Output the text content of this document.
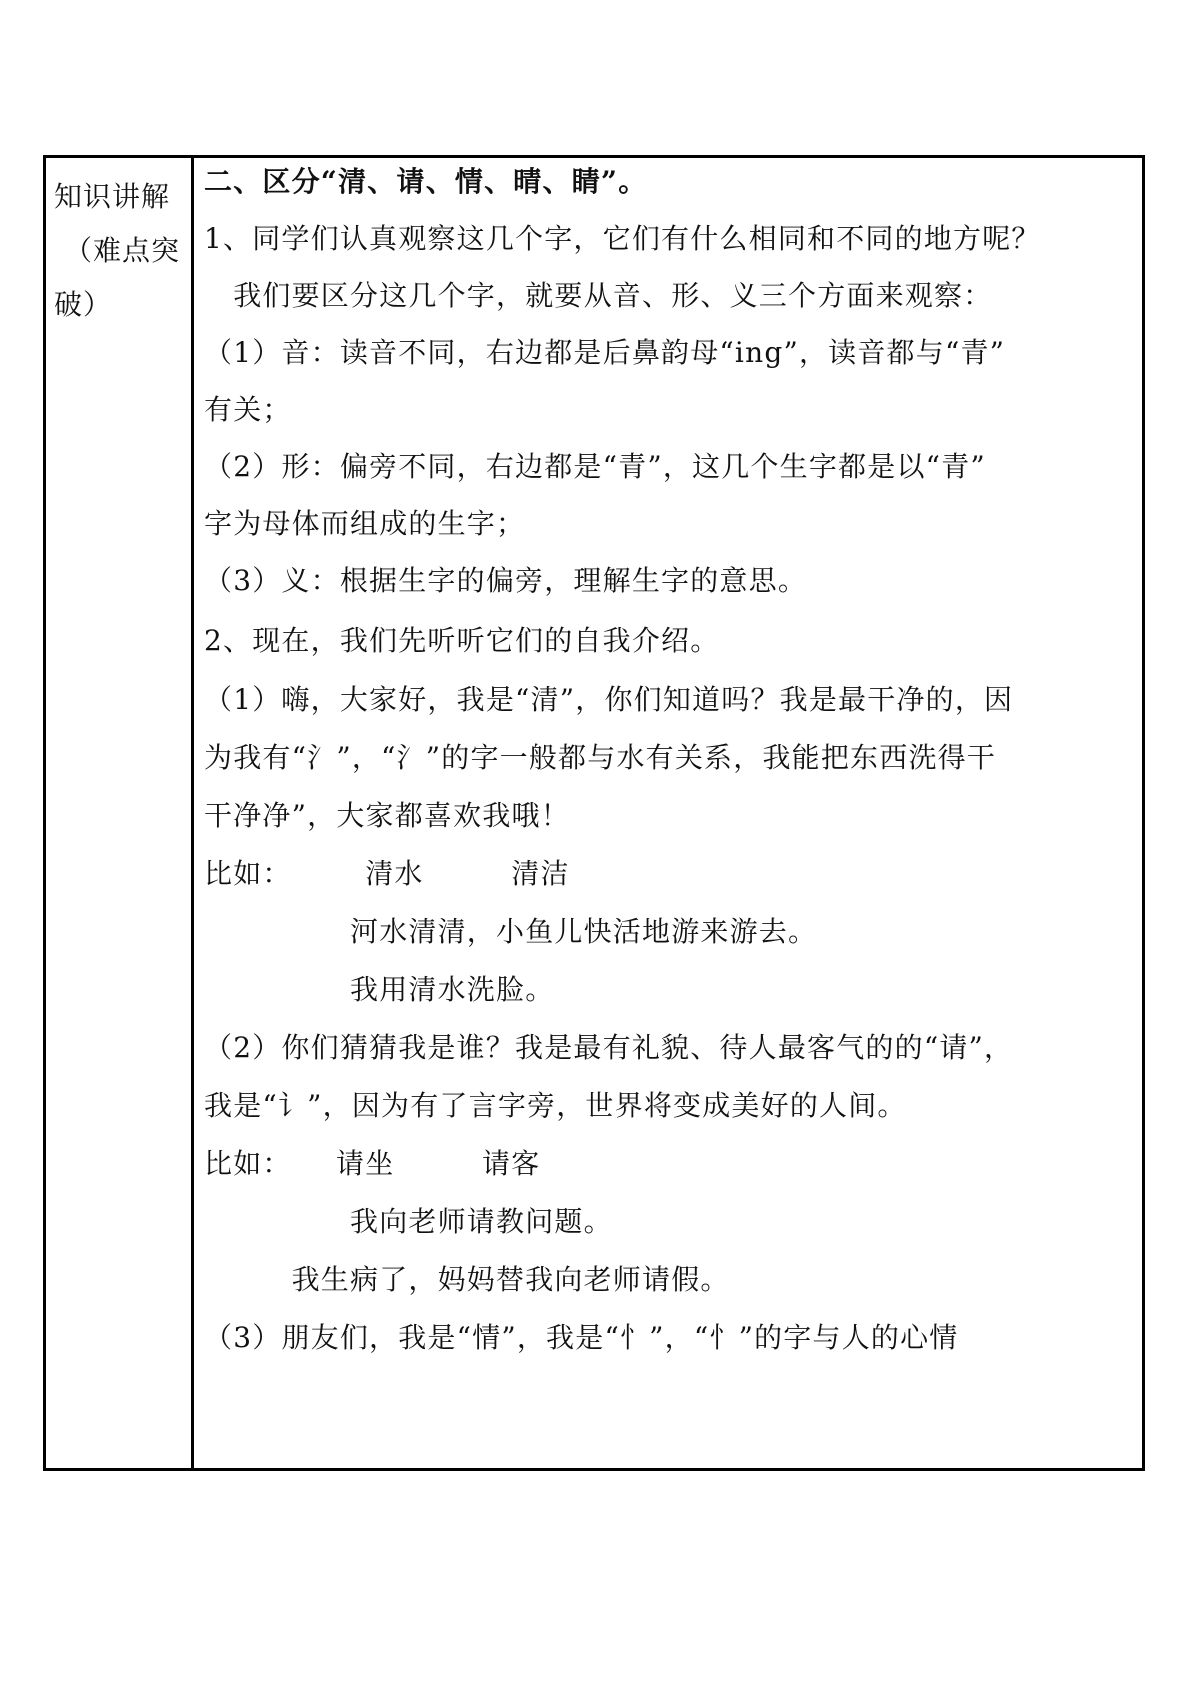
知识讲解
（难点突
破）
二、区分“清、请、情、晴、睛”。
1、同学们认真观察这几个字，它们有什么相同和不同的地方呢？
　我们要区分这几个字，就要从音、形、义三个方面来观察：
（1）音：读音不同，右边都是后鼻韵母“ing”，读音都与“青”
有关；
（2）形：偏旁不同，右边都是“青”，这几个生字都是以“青”
字为母体而组成的生字；
（3）义：根据生字的偏旁，理解生字的意思。
2、现在，我们先听听它们的自我介绍。
（1）嗨，大家好，我是“清”，你们知道吗？我是最干净的，因
为我有“氵”，“氵”的字一般都与水有关系，我能把东西洗得干
干净净”，大家都喜欢我哦！
比如：　　　清水　　　清洁
　　　　　河水清清，小鱼儿快活地游来游去。
　　　　　我用清水洗脸。
（2）你们猜猜我是谁？我是最有礼貌、待人最客气的的“请”，
我是“讠”，因为有了言字旁，世界将变成美好的人间。
比如：　　请坐　　　请客
　　　　　我向老师请教问题。
　　　我生病了，妈妈替我向老师请假。
（3）朋友们，我是“情”，我是“忄”，“忄”的字与人的心情
